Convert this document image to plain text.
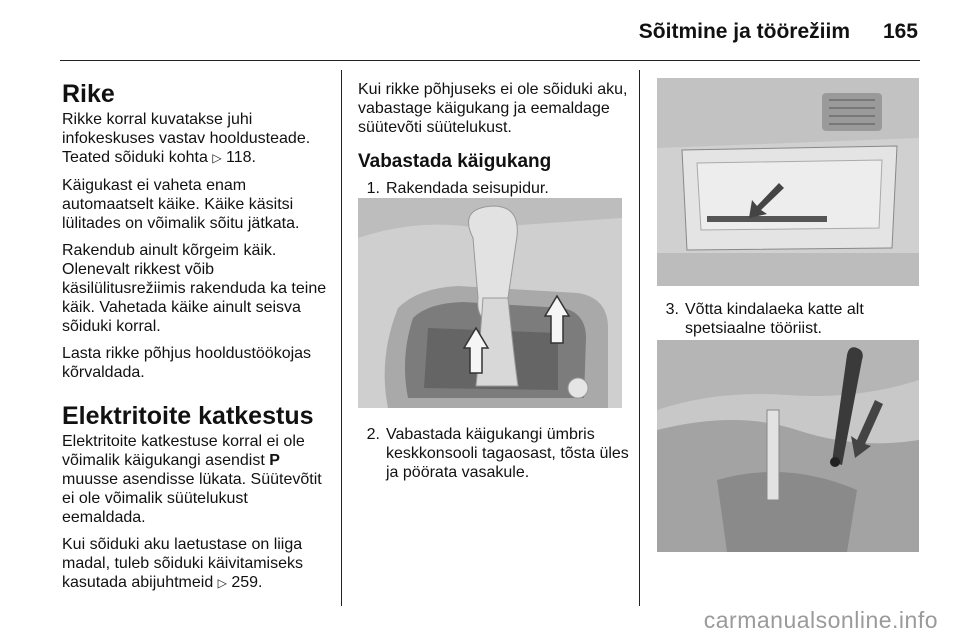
Sõitmine ja töörežiim 165
Rike

Rikke korral kuvatakse juhi infokeskuses vastav hooldusteade. Teated sõiduki kohta ▷ 118.

Käigukast ei vaheta enam automaatselt käike. Käike käsitsi lülitades on võimalik sõitu jätkata.

Rakendub ainult kõrgeim käik. Olenevalt rikkest võib käsilülitusrežiimis rakenduda ka teine käik. Vahetada käike ainult seisva sõiduki korral.

Lasta rikke põhjus hooldustöökojas kõrvaldada.

Elektritoite katkestus

Elektritoite katkestuse korral ei ole võimalik käigukangi asendist P muusse asendisse lükata. Süütevõtit ei ole võimalik süütelukust eemaldada.

Kui sõiduki aku laetustase on liiga madal, tuleb sõiduki käivitamiseks kasutada abijuhtmeid ▷ 259.

Kui rikke põhjuseks ei ole sõiduki aku, vabastage käigukang ja eemaldage süütevõti süütelukust.

Vabastada käigukang
1. Rakendada seisupidur.
2. Vabastada käigukangi ümbris keskkonsooli tagaosast, tõsta üles ja pöörata vasakule.
3. Võtta kindalaeka katte alt spetsiaalne tööriist.
carmanualsonline.info
